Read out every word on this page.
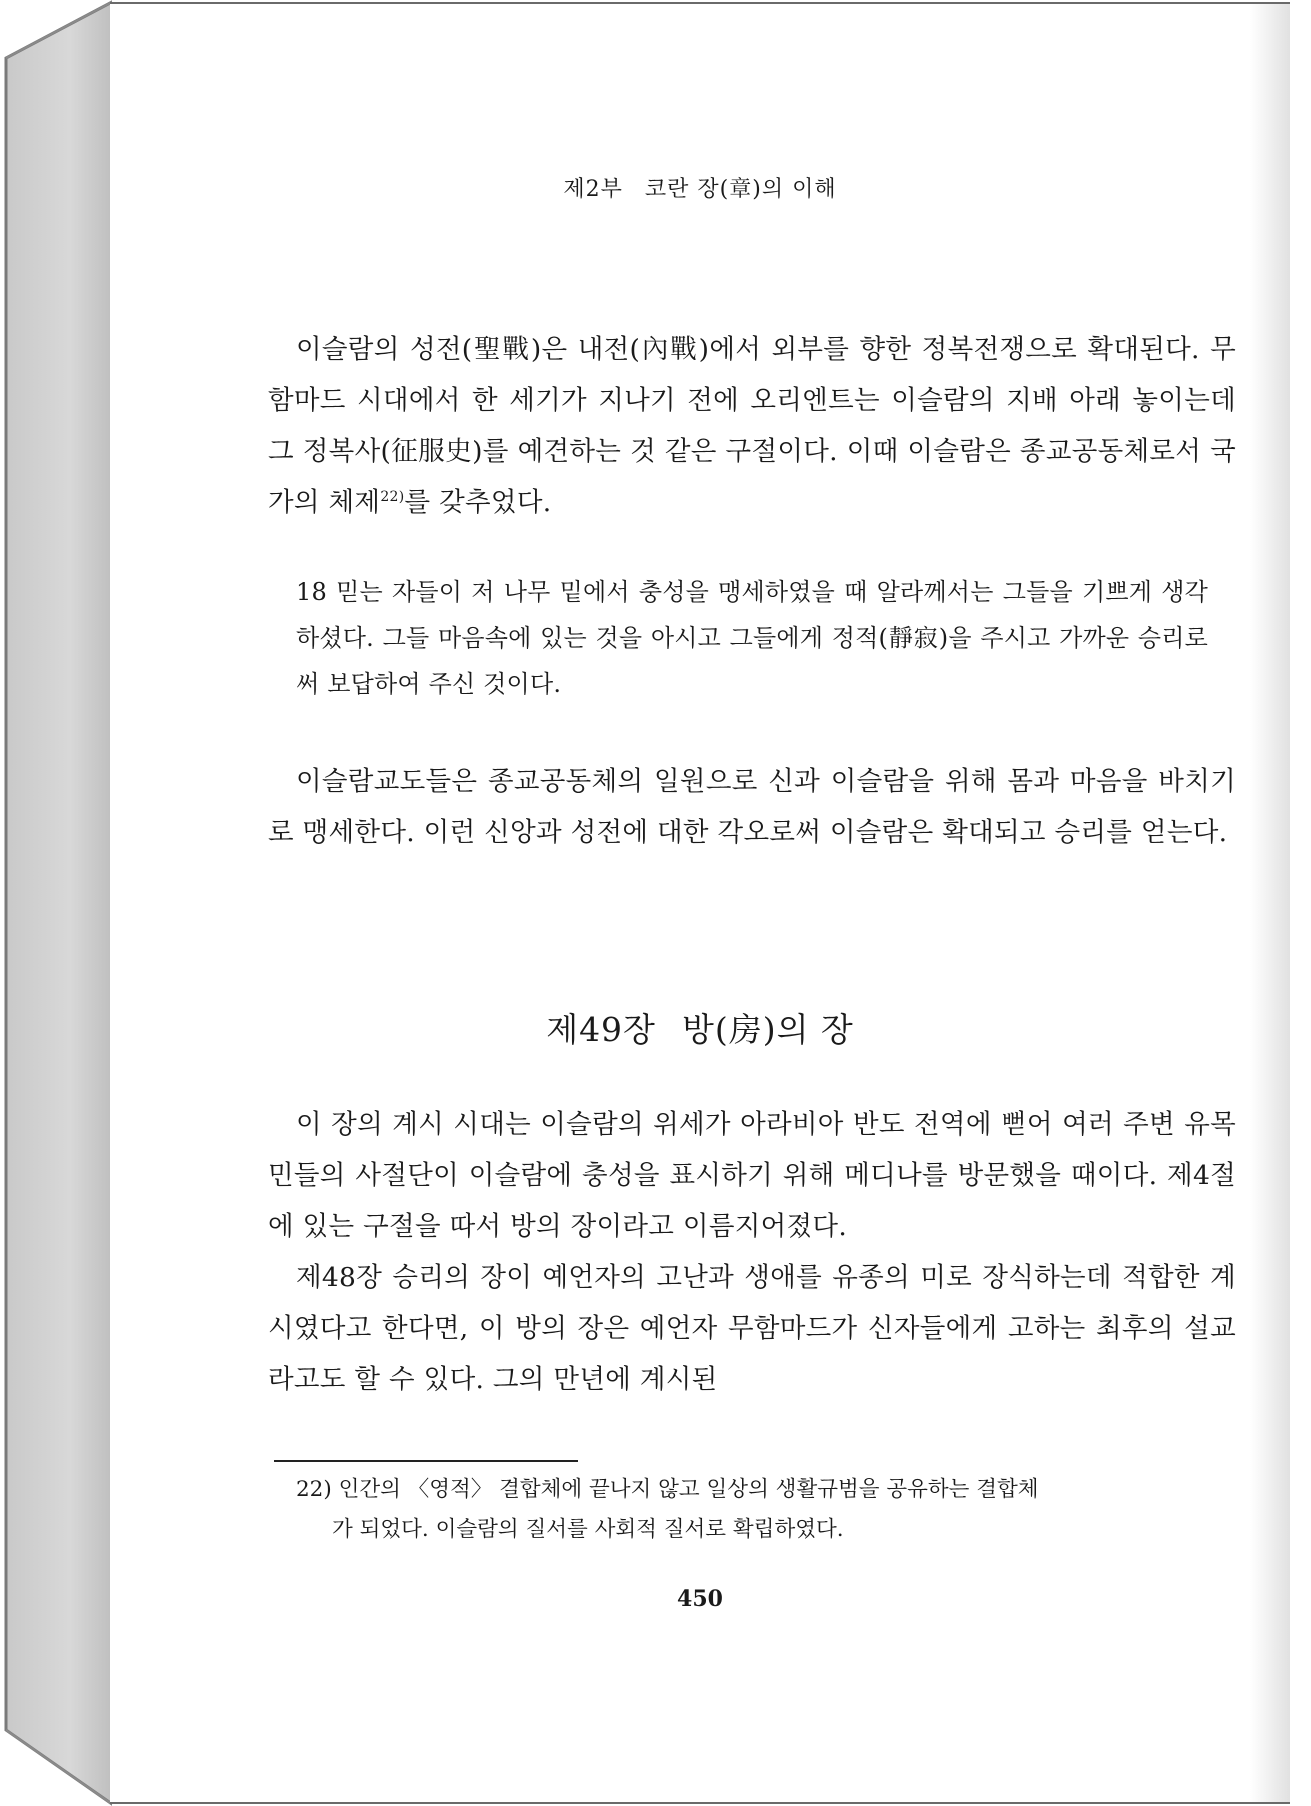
제2부 코란 장(章)의 이해

이슬람의 성전(聖戰)은 내전(內戰)에서 외부를 향한 정복전쟁으로 확대된다. 무함마드 시대에서 한 세기가 지나기 전에 오리엔트는 이슬람의 지배 아래 놓이는데 그 정복사(征服史)를 예견하는 것 같은 구절이다. 이때 이슬람은 종교공동체로서 국가의 체제$^{22)}$를 갖추었다.

18 믿는 자들이 저 나무 밑에서 충성을 맹세하였을 때 알라께서는 그들을 기쁘게 생각하셨다. 그들 마음속에 있는 것을 아시고 그들에게 정적(靜寂)을 주시고 가까운 승리로써 보답하여 주신 것이다.

이슬람교도들은 종교공동체의 일원으로 신과 이슬람을 위해 몸과 마음을 바치기로 맹세한다. 이런 신앙과 성전에 대한 각오로써 이슬람은 확대되고 승리를 얻는다.

제49장 방(房)의 장

이 장의 계시 시대는 이슬람의 위세가 아라비아 반도 전역에 뻗어 여러 주변 유목민들의 사절단이 이슬람에 충성을 표시하기 위해 메디나를 방문했을 때이다. 제4절에 있는 구절을 따서 방의 장이라고 이름지어졌다.

제48장 승리의 장이 예언자의 고난과 생애를 유종의 미로 장식하는데 적합한 계시였다고 한다면, 이 방의 장은 예언자 무함마드가 신자들에게 고하는 최후의 설교라고도 할 수 있다. 그의 만년에 계시된

22) 인간의 〈영적〉 결합체에 끝나지 않고 일상의 생활규범을 공유하는 결합체
가 되었다. 이슬람의 질서를 사회적 질서로 확립하였다.

450
